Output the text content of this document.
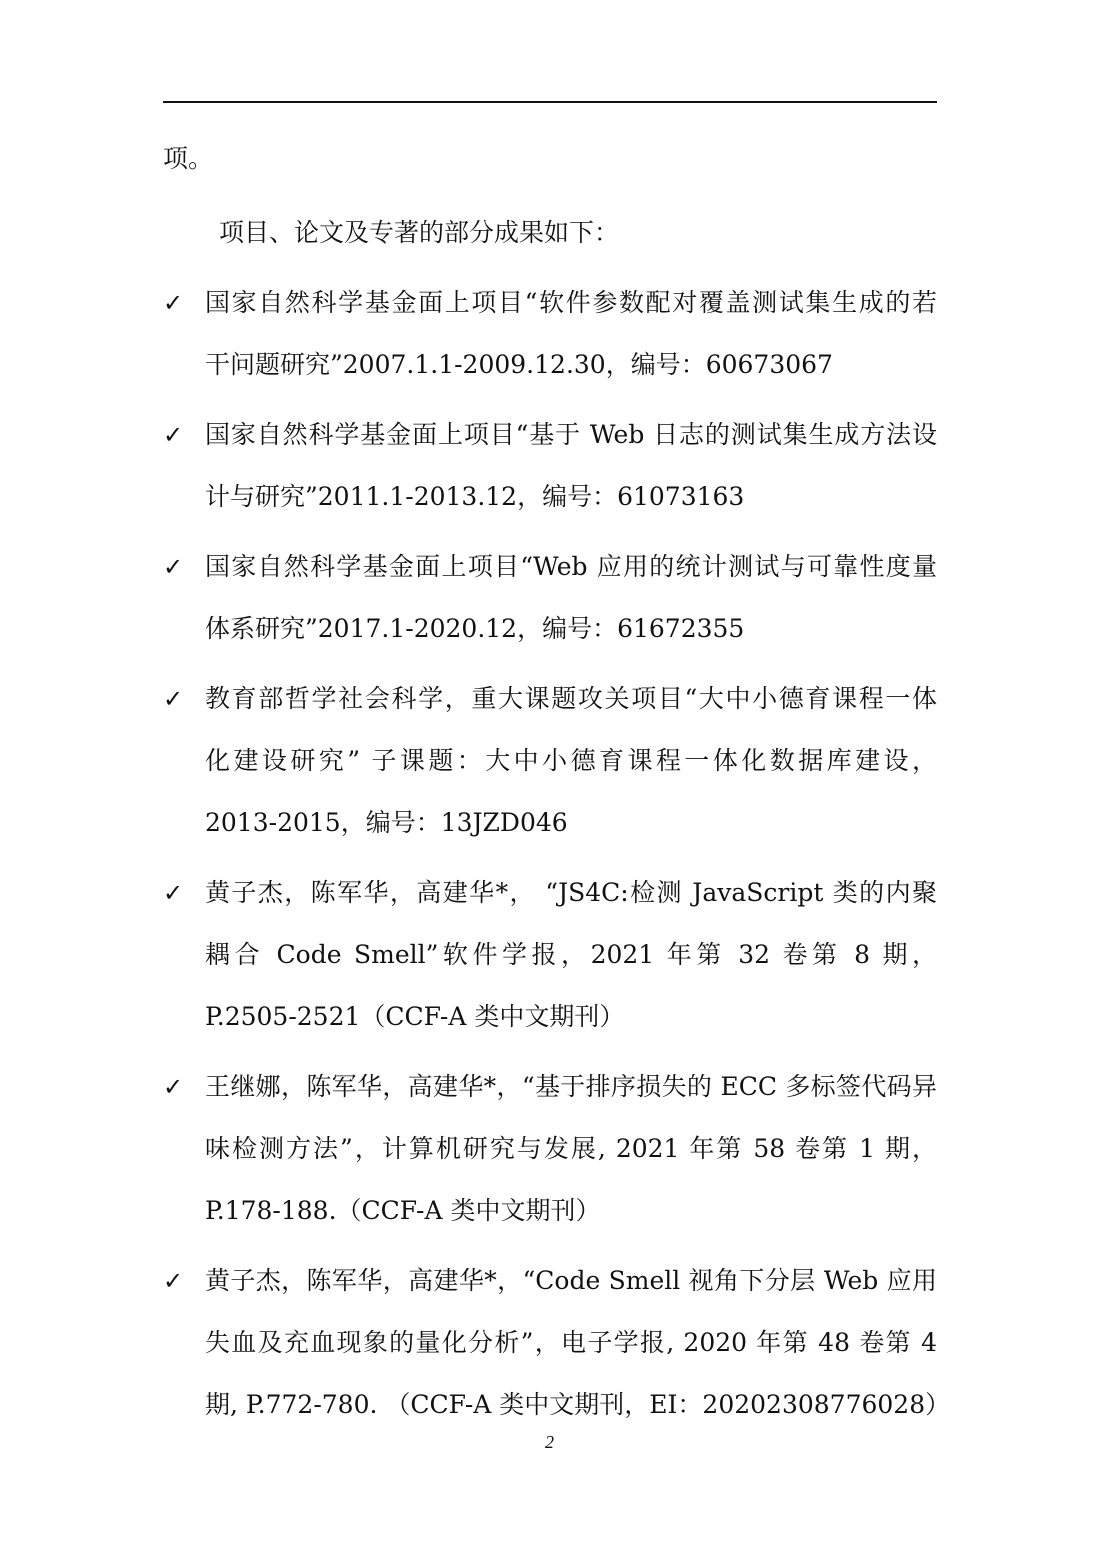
项。

项目、论文及专著的部分成果如下：

✓ 国家自然科学基金面上项目“软件参数配对覆盖测试集生成的若
干问题研究”2007.1.1-2009.12.30，编号：60673067
✓ 国家自然科学基金面上项目“基于 Web 日志的测试集生成方法设
计与研究”2011.1-2013.12，编号：61073163
✓ 国家自然科学基金面上项目“Web 应用的统计测试与可靠性度量
体系研究”2017.1-2020.12，编号：61672355
✓ 教育部哲学社会科学，重大课题攻关项目“大中小德育课程一体
化建设研究” 子课题：大中小德育课程一体化数据库建设，
2013-2015，编号：13JZD046
✓ 黄子杰，陈军华，高建华*， “JS4C:检测 JavaScript 类的内聚
耦合 Code Smell”软件学报，2021 年第 32 卷第 8 期，
P.2505-2521（CCF-A 类中文期刊）
✓ 王继娜，陈军华，高建华*，“基于排序损失的 ECC 多标签代码异
味检测方法”，计算机研究与发展, 2021 年第 58 卷第 1 期，
P.178-188.（CCF-A 类中文期刊）
✓ 黄子杰，陈军华，高建华*，“Code Smell 视角下分层 Web 应用
失血及充血现象的量化分析”，电子学报, 2020 年第 48 卷第 4
期, P.772-780. （CCF-A 类中文期刊，EI：20202308776028）
2
